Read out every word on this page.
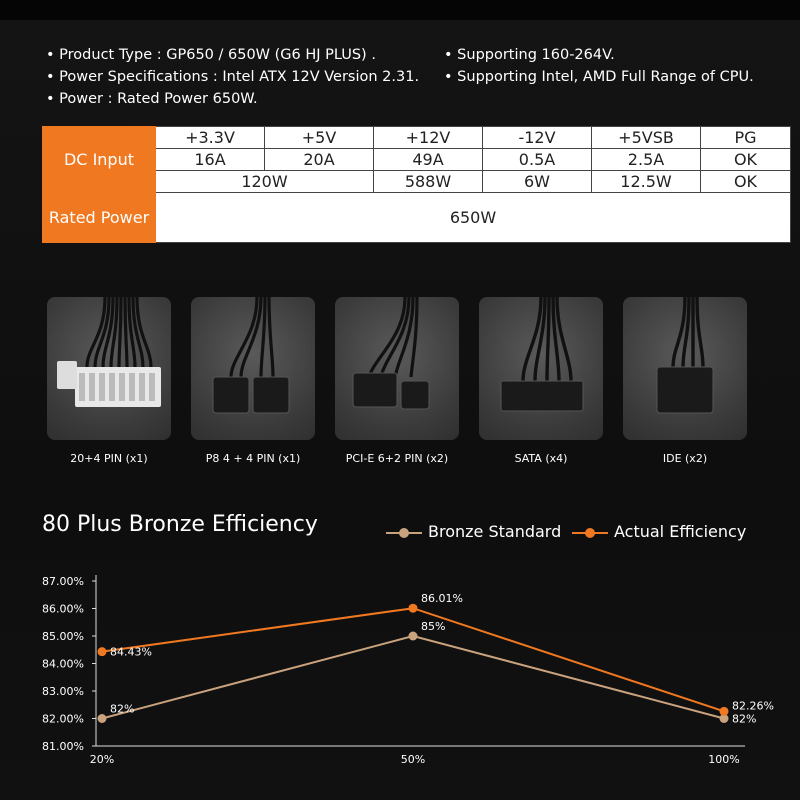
• Product Type : GP650 / 650W (G6 HJ PLUS) .
• Power Specifications : Intel ATX 12V Version 2.31.
• Power : Rated Power 650W.
• Supporting 160-264V.
• Supporting Intel, AMD Full Range of CPU.
DC Input	+3.3V	+5V	+12V	-12V	+5VSB	PG
	16A	20A	49A	0.5A	2.5A	OK
	120W		588W	6W	12.5W	OK
Rated Power	650W					
20+4 PIN (x1)	P8 4 + 4 PIN (x1)	PCI-E 6+2 PIN (x2)	SATA (x4)	IDE (x2)
80 Plus Bronze Efficiency	Bronze Standard	Actual Efficiency
81.00%
82.00%
83.00%
84.00%
85.00%
86.00%
87.00%
20%	50%	100%
82%
85%
82%
84.43%
86.01%
82.26%
